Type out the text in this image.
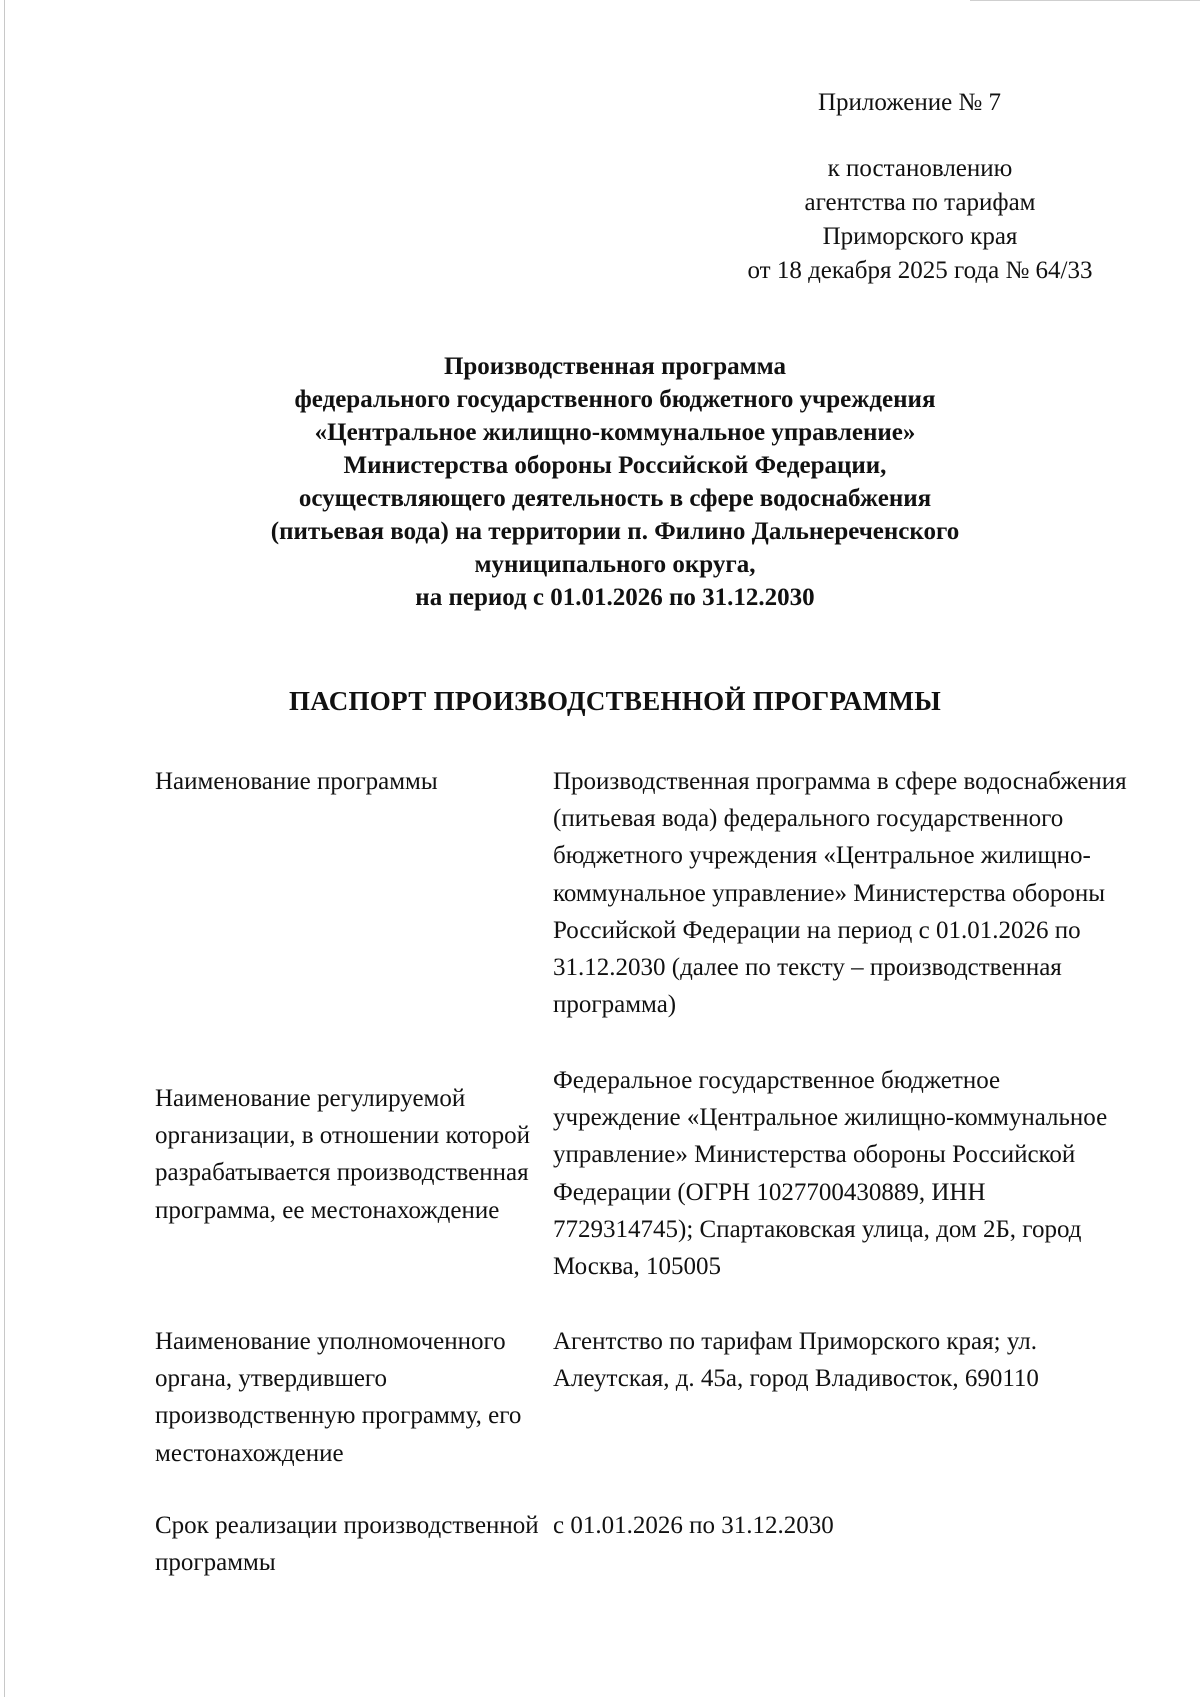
Приложение № 7
к постановлению
агентства по тарифам
Приморского края
от 18 декабря 2025 года № 64/33
Производственная программа
федерального государственного бюджетного учреждения
«Центральное жилищно-коммунальное управление»
Министерства обороны Российской Федерации,
осуществляющего деятельность в сфере водоснабжения
(питьевая вода) на территории п. Филино Дальнереченского
муниципального округа,
на период с 01.01.2026 по 31.12.2030
ПАСПОРТ ПРОИЗВОДСТВЕННОЙ ПРОГРАММЫ
Наименование программы	Производственная программа в сфере водоснабжения (питьевая вода) федерального государственного бюджетного учреждения «Центральное жилищно-коммунальное управление» Министерства обороны Российской Федерации на период с 01.01.2026 по 31.12.2030 (далее по тексту – производственная программа)
Наименование регулируемой организации, в отношении которой разрабатывается производственная программа, ее местонахождение
Федеральное государственное бюджетное учреждение «Центральное жилищно-коммунальное управление» Министерства обороны Российской Федерации (ОГРН 1027700430889, ИНН 7729314745); Спартаковская улица, дом 2Б, город Москва, 105005
Наименование уполномоченного органа, утвердившего производственную программу, его местонахождение
Агентство по тарифам Приморского края; ул. Алеутская, д. 45а, город Владивосток, 690110
Срок реализации производственной программы
с 01.01.2026 по 31.12.2030
